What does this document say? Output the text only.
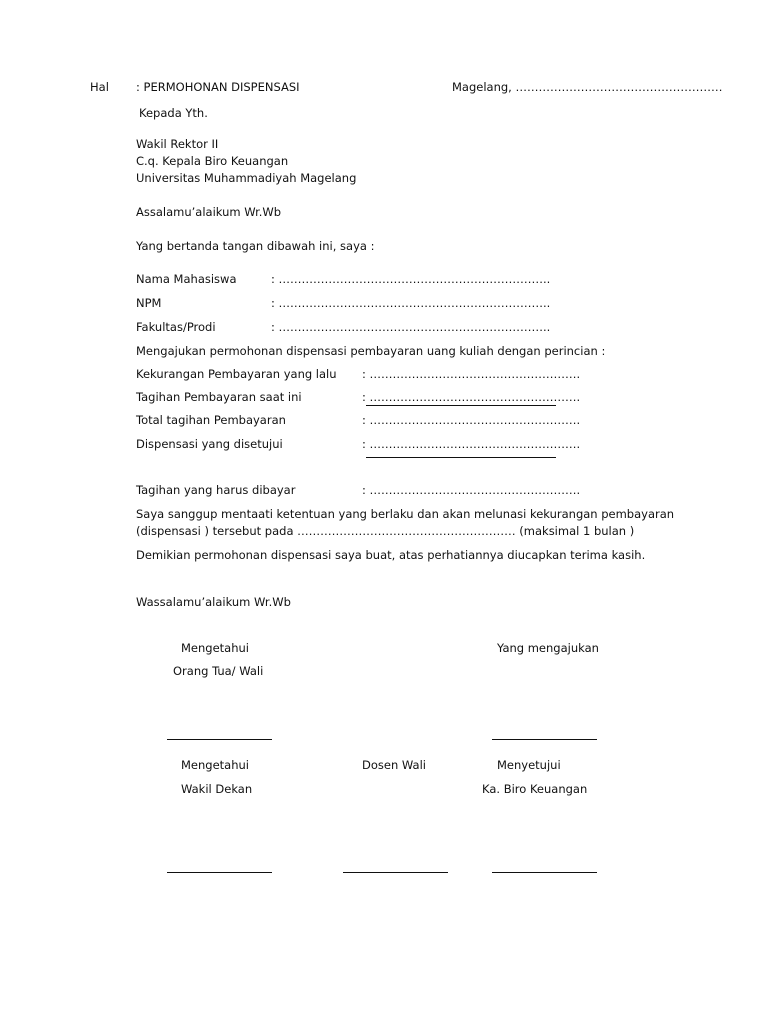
Hal : PERMOHONAN DISPENSASI	Magelang, ………………………………………………
Kepada Yth.
Wakil Rektor II
C.q. Kepala Biro Keuangan
Universitas Muhammadiyah Magelang
Assalamu’alaikum Wr.Wb
Yang bertanda tangan dibawah ini, saya :
Nama Mahasiswa	: ……………………………………………………………..
NPM	: ……………………………………………………………..
Fakultas/Prodi	: ……………………………………………………………..
Mengajukan permohonan dispensasi pembayaran uang kuliah dengan perincian :
Kekurangan Pembayaran yang lalu : ……………………………………………….
Tagihan Pembayaran saat ini	: ……………………………………………….
Total tagihan Pembayaran	: ……………………………………………….
Dispensasi yang disetujui	: ……………………………………………….
Tagihan yang harus dibayar	: ……………………………………………….
Saya sanggup mentaati ketentuan yang berlaku dan akan melunasi kekurangan pembayaran
(dispensasi ) tersebut pada ………………………………………………… (maksimal 1 bulan )
Demikian permohonan dispensasi saya buat, atas perhatiannya diucapkan terima kasih.
Wassalamu’alaikum Wr.Wb
Mengetahui
Orang Tua/ Wali
Yang mengajukan
Mengetahui
Wakil Dekan
Dosen Wali	Menyetujui
Ka. Biro Keuangan
